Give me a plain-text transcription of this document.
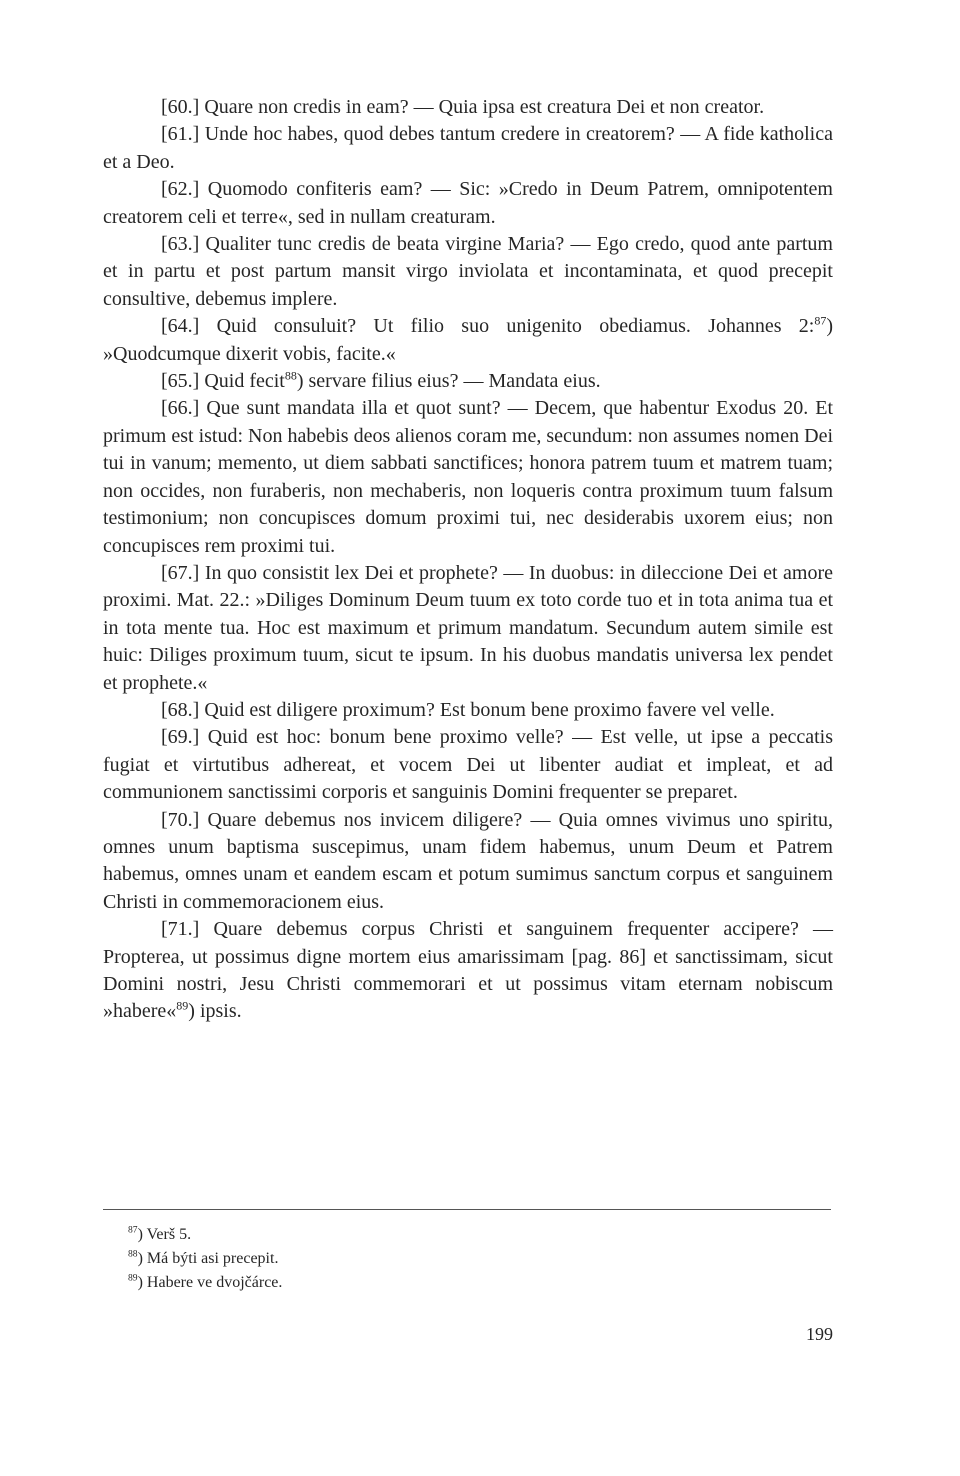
[60.] Quare non credis in eam? — Quia ipsa est creatura Dei et non creator.

[61.] Unde hoc habes, quod debes tantum credere in creatorem? — A fide katholica et a Deo.

[62.] Quomodo confiteris eam? — Sic: »Credo in Deum Patrem, omnipotentem creatorem celi et terre«, sed in nullam creaturam.

[63.] Qualiter tunc credis de beata virgine Maria? — Ego credo, quod ante partum et in partu et post partum mansit virgo inviolata et incontaminata, et quod precepit consultive, debemus implere.

[64.] Quid consuluit? Ut filio suo unigenito obediamus. Johannes 2:$^{87}$) »Quodcumque dixerit vobis, facite.«

[65.] Quid fecit$^{88}$) servare filius eius? — Mandata eius.

[66.] Que sunt mandata illa et quot sunt? — Decem, que habentur Exodus 20. Et primum est istud: Non habebis deos alienos coram me, secundum: non assumes nomen Dei tui in vanum; memento, ut diem sabbati sanctifices; honora patrem tuum et matrem tuam; non occides, non furaberis, non mechaberis, non loqueris contra proximum tuum falsum testimonium; non concupisces domum proximi tui, nec desiderabis uxorem eius; non concupisces rem proximi tui.

[67.] In quo consistit lex Dei et prophete? — In duobus: in dileccione Dei et amore proximi. Mat. 22.: »Diliges Dominum Deum tuum ex toto corde tuo et in tota anima tua et in tota mente tua. Hoc est maximum et primum mandatum. Secundum autem simile est huic: Diliges proximum tuum, sicut te ipsum. In his duobus mandatis universa lex pendet et prophete.«

[68.] Quid est diligere proximum? Est bonum bene proximo favere vel velle.

[69.] Quid est hoc: bonum bene proximo velle? — Est velle, ut ipse a peccatis fugiat et virtutibus adhereat, et vocem Dei ut libenter audiat et impleat, et ad communionem sanctissimi corporis et sanguinis Domini frequenter se preparet.

[70.] Quare debemus nos invicem diligere? — Quia omnes vivimus uno spiritu, omnes unum baptisma suscepimus, unam fidem habemus, unum Deum et Patrem habemus, omnes unam et eandem escam et potum sumimus sanctum corpus et sanguinem Christi in commemoracionem eius.

[71.] Quare debemus corpus Christi et sanguinem frequenter accipere? — Propterea, ut possimus digne mortem eius amarissimam [pag. 86] et sanctissimam, sicut Domini nostri, Jesu Christi commemorari et ut possimus vitam eternam nobiscum »habere«$^{89}$) ipsis.

$^{87}$) Verš 5.

$^{88}$) Má býti asi precepit.

$^{89}$) Habere ve dvojčárce.

199
